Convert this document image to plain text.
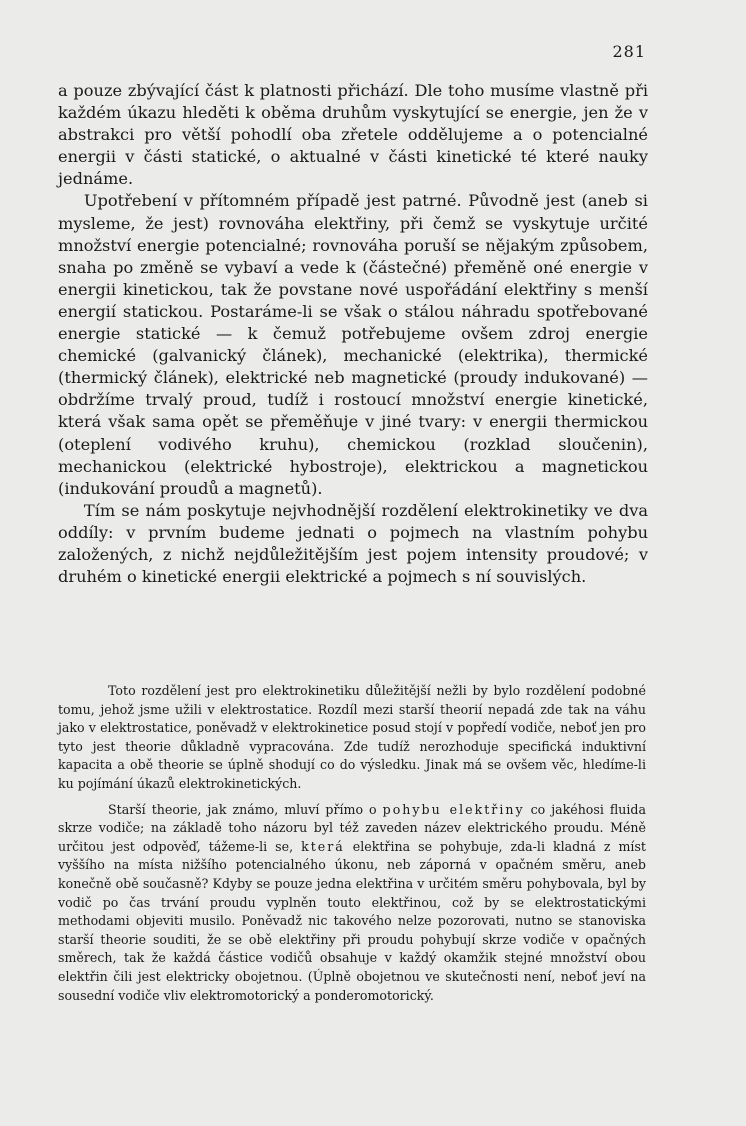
281

a pouze zbývající část k platnosti přichází. Dle toho musíme vlastně při každém úkazu hleděti k oběma druhům vyskytující se energie, jen že v abstrakci pro větší pohodlí oba zřetele oddělujeme a o potencialné energii v části statické, o aktualné v části kinetické té které nauky jednáme.

Upotřebení v přítomném případě jest patrné. Původně jest (aneb si mysleme, že jest) rovnováha elektřiny, při čemž se vyskytuje určité množství energie potencialné; rovnováha poruší se nějakým způsobem, snaha po změně se vybaví a vede k (částečné) přeměně oné energie v energii kinetickou, tak že povstane nové uspořádání elektřiny s menší energií statickou. Postaráme-li se však o stálou náhradu spotřebované energie statické — k čemuž potřebujeme ovšem zdroj energie chemické (galvanický článek), mechanické (elektrika), thermické (thermický článek), elektrické neb magnetické (proudy indukované) — obdržíme trvalý proud, tudíž i rostoucí množství energie kinetické, která však sama opět se přeměňuje v jiné tvary: v energii thermickou (oteplení vodivého kruhu), chemickou (rozklad sloučenin), mechanickou (elektrické hybostroje), elektrickou a magnetickou (indukování proudů a magnetů).

Tím se nám poskytuje nejvhodnější rozdělení elektrokinetiky ve dva oddíly: v prvním budeme jednati o pojmech na vlastním pohybu založených, z nichž nejdůležitějším jest pojem intensity proudové; v druhém o kinetické energii elektrické a pojmech s ní souvislých.

Toto rozdělení jest pro elektrokinetiku důležitější nežli by bylo rozdělení podobné tomu, jehož jsme užili v elektrostatice. Rozdíl mezi starší theorií nepadá zde tak na váhu jako v elektrostatice, poněvadž v elektrokinetice posud stojí v popředí vodiče, neboť jen pro tyto jest theorie důkladně vypracována. Zde tudíž nerozhoduje specifická induktivní kapacita a obě theorie se úplně shodují co do výsledku. Jinak má se ovšem věc, hledíme-li ku pojímání úkazů elektrokinetických.

Starší theorie, jak známo, mluví přímo o pohybu elektřiny co jakéhosi fluida skrze vodiče; na základě toho názoru byl též zaveden název elektrického proudu. Méně určitou jest odpověď, tážeme-li se, která elektřina se pohybuje, zda-li kladná z míst vyššího na místa nižšího potencialného úkonu, neb záporná v opačném směru, aneb konečně obě současně? Kdyby se pouze jedna elektřina v určitém směru pohybovala, byl by vodič po čas trvání proudu vyplněn touto elektřinou, což by se elektrostatickými methodami objeviti musilo. Poněvadž nic takového nelze pozorovati, nutno se stanoviska starší theorie souditi, že se obě elektřiny při proudu pohybují skrze vodiče v opačných směrech, tak že každá částice vodičů obsahuje v každý okamžik stejné množství obou elektřin čili jest elektricky obojetnou. (Úplně obojetnou ve skutečnosti není, neboť jeví na sousední vodiče vliv elektromotorický a ponderomotorický.
